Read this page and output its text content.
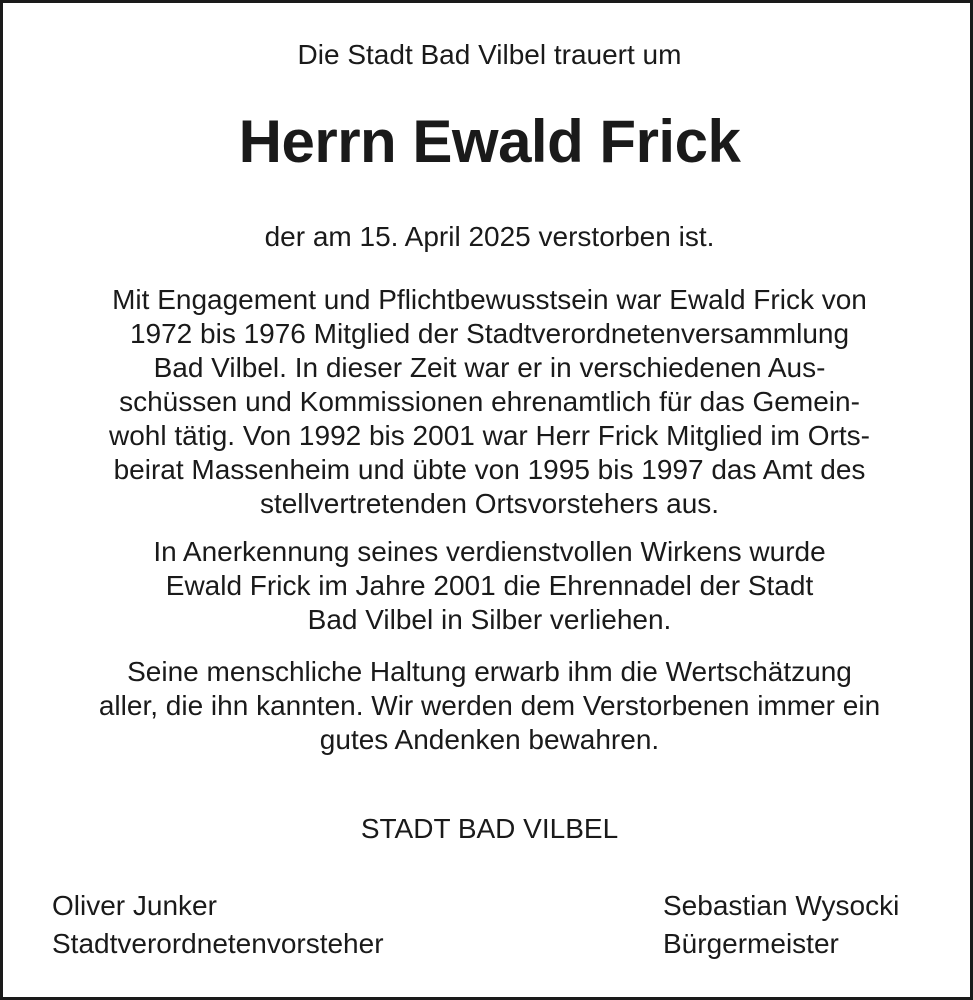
Die Stadt Bad Vilbel trauert um
Herrn Ewald Frick
der am 15. April 2025 verstorben ist.
Mit Engagement und Pflichtbewusstsein war Ewald Frick von
1972 bis 1976 Mitglied der Stadtverordnetenversammlung
Bad Vilbel. In dieser Zeit war er in verschiedenen Aus-
schüssen und Kommissionen ehrenamtlich für das Gemein-
wohl tätig. Von 1992 bis 2001 war Herr Frick Mitglied im Orts-
beirat Massenheim und übte von 1995 bis 1997 das Amt des
stellvertretenden Ortsvorstehers aus.
In Anerkennung seines verdienstvollen Wirkens wurde
Ewald Frick im Jahre 2001 die Ehrennadel der Stadt
Bad Vilbel in Silber verliehen.
Seine menschliche Haltung erwarb ihm die Wertschätzung
aller, die ihn kannten. Wir werden dem Verstorbenen immer ein
gutes Andenken bewahren.
STADT BAD VILBEL
Oliver Junker
Stadtverordnetenvorsteher
Sebastian Wysocki
Bürgermeister
